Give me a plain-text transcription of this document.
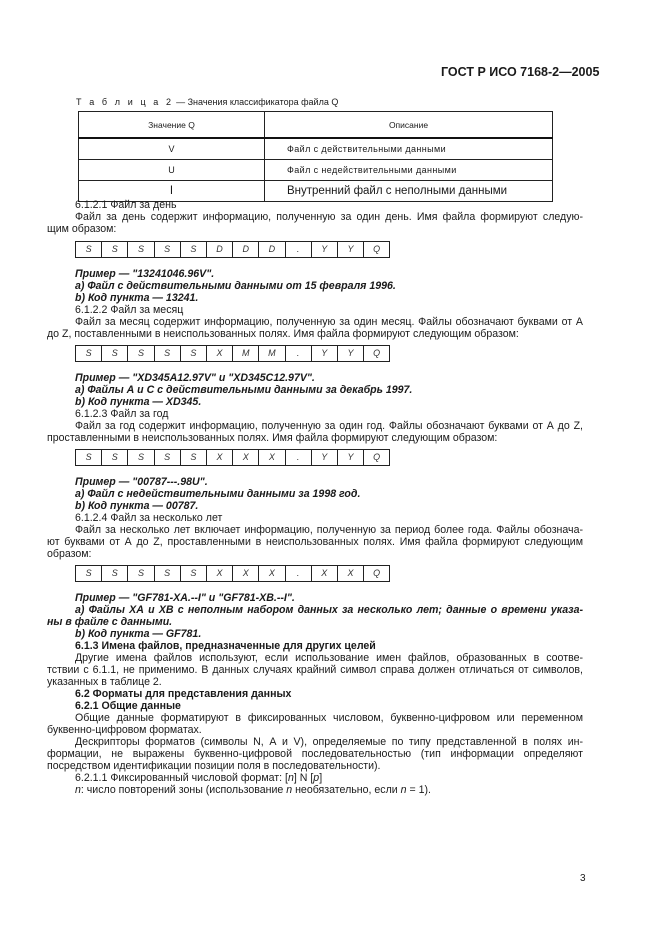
ГОСТ Р ИСО 7168-2—2005
Т а б л и ц а 2 — Значения классификатора файла Q
Значение Q	Описание
V	Файл с действительными данными
U	Файл с недействительными данными
I	Внутренний файл с неполными данными
6.1.2.1 Файл за день
Файл за день содержит информацию, полученную за один день. Имя файла формируют следую-
щим образом:
S	S	S	S	S	D	D	D	.	Y	Y	Q
Пример — "13241046.96V".
a) Файл с действительными данными от 15 февраля 1996.
b) Код пункта — 13241.
6.1.2.2 Файл за месяц
Файл за месяц содержит информацию, полученную за один месяц. Файлы обозначают буквами от А
до Z, поставленными в неиспользованных полях. Имя файла формируют следующим образом:
S	S	S	S	S	X	M	M	.	Y	Y	Q
Пример — "XD345A12.97V" и "XD345C12.97V".
a) Файлы А и С с действительными данными за декабрь 1997.
b) Код пункта — XD345.
6.1.2.3 Файл за год
Файл за год содержит информацию, полученную за один год. Файлы обозначают буквами от А до Z,
проставленными в неиспользованных полях. Имя файла формируют следующим образом:
S	S	S	S	S	X	X	X	.	Y	Y	Q
Пример — "00787---.98U".
a) Файл с недействительными данными за 1998 год.
b) Код пункта — 00787.
6.1.2.4 Файл за несколько лет
Файл за несколько лет включает информацию, полученную за период более года. Файлы обознача-
ют буквами от А до Z, проставленными в неиспользованных полях. Имя файла формируют следующим
образом:
S	S	S	S	S	X	X	X	.	X	X	Q
Пример — "GF781-XA.--I" и "GF781-XB.--I".
a) Файлы ХА и ХВ с неполным набором данных за несколько лет; данные о времени указа-
ны в файле с данными.
b) Код пункта — GF781.
6.1.3 Имена файлов, предназначенные для других целей
Другие имена файлов используют, если использование имен файлов, образованных в соотве-
тствии с 6.1.1, не применимо. В данных случаях крайний символ справа должен отличаться от символов,
указанных в таблице 2.
6.2 Форматы для представления данных
6.2.1 Общие данные
Общие данные форматируют в фиксированных числовом, буквенно-цифровом или переменном
буквенно-цифровом форматах.
Дескрипторы форматов (символы N, А и V), определяемые по типу представленной в полях ин-
формации, не выражены буквенно-цифровой последовательностью (тип информации определяют
посредством идентификации позиции поля в последовательности).
6.2.1.1 Фиксированный числовой формат: [n] N [p]
n: число повторений зоны (использование n необязательно, если n = 1).
3
